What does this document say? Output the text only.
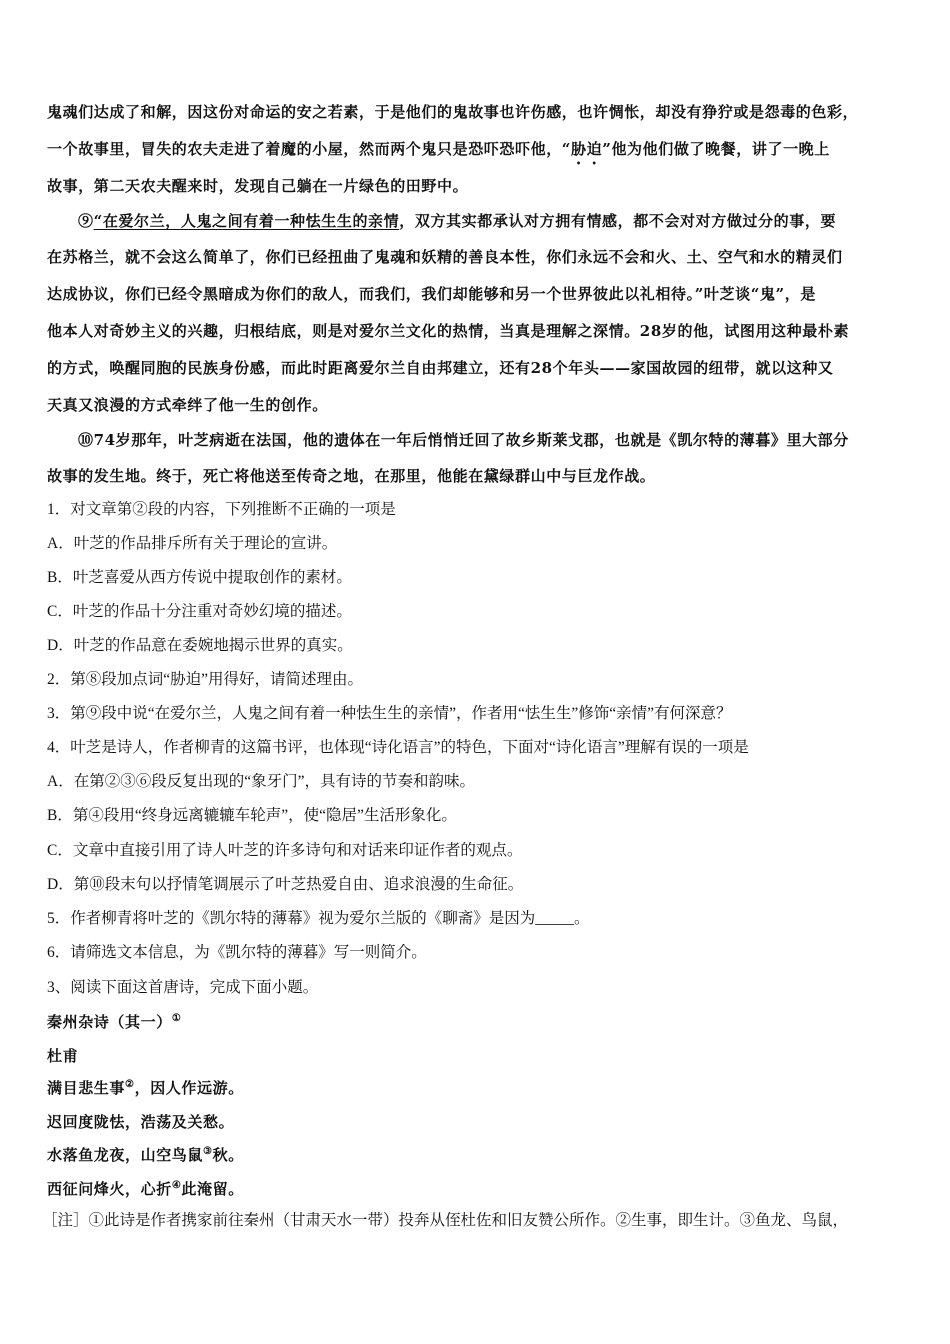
鬼魂们达成了和解，因这份对命运的安之若素，于是他们的鬼故事也许伤感，也许惆怅，却没有狰狞或是怨毒的色彩，
一个故事里，冒失的农夫走进了着魔的小屋，然而两个鬼只是恐吓恐吓他，“胁迫”他为他们做了晚餐，讲了一晚上
故事，第二天农夫醒来时，发现自己躺在一片绿色的田野中。
⑨“在爱尔兰，人鬼之间有着一种怯生生的亲情，双方其实都承认对方拥有情感，都不会对对方做过分的事，要
在苏格兰，就不会这么简单了，你们已经扭曲了鬼魂和妖精的善良本性，你们永远不会和火、土、空气和水的精灵们
达成协议，你们已经令黑暗成为你们的敌人，而我们，我们却能够和另一个世界彼此以礼相待。”叶芝谈“鬼”，是
他本人对奇妙主义的兴趣，归根结底，则是对爱尔兰文化的热情，当真是理解之深情。28岁的他，试图用这种最朴素
的方式，唤醒同胞的民族身份感，而此时距离爱尔兰自由邦建立，还有28个年头——家国故园的纽带，就以这种又
天真又浪漫的方式牵绊了他一生的创作。
⑩74岁那年，叶芝病逝在法国，他的遗体在一年后悄悄迁回了故乡斯莱戈郡，也就是《凯尔特的薄暮》里大部分
故事的发生地。终于，死亡将他送至传奇之地，在那里，他能在黛绿群山中与巨龙作战。
1．对文章第②段的内容，下列推断不正确的一项是
A．叶芝的作品排斥所有关于理论的宣讲。
B．叶芝喜爱从西方传说中提取创作的素材。
C．叶芝的作品十分注重对奇妙幻境的描述。
D．叶芝的作品意在委婉地揭示世界的真实。
2．第⑧段加点词“胁迫”用得好，请简述理由。
3．第⑨段中说“在爱尔兰，人鬼之间有着一种怯生生的亲情”，作者用“怯生生”修饰“亲情”有何深意？
4．叶芝是诗人，作者柳青的这篇书评，也体现“诗化语言”的特色，下面对“诗化语言”理解有误的一项是
A．在第②③⑥段反复出现的“象牙门”，具有诗的节奏和韵味。
B．第④段用“终身远离辘辘车轮声”，使“隐居”生活形象化。
C．文章中直接引用了诗人叶芝的许多诗句和对话来印证作者的观点。
D．第⑩段末句以抒情笔调展示了叶芝热爱自由、追求浪漫的生命征。
5．作者柳青将叶芝的《凯尔特的薄幕》视为爱尔兰版的《聊斋》是因为_____。
6．请筛选文本信息，为《凯尔特的薄暮》写一则简介。
3、阅读下面这首唐诗，完成下面小题。
秦州杂诗（其一）①
杜甫
满目悲生事②，因人作远游。
迟回度陇怯，浩荡及关愁。
水落鱼龙夜，山空鸟鼠③秋。
西征问烽火，心折④此淹留。
［注］①此诗是作者携家前往秦州（甘肃天水一带）投奔从侄杜佐和旧友赞公所作。②生事，即生计。③鱼龙、鸟鼠，
